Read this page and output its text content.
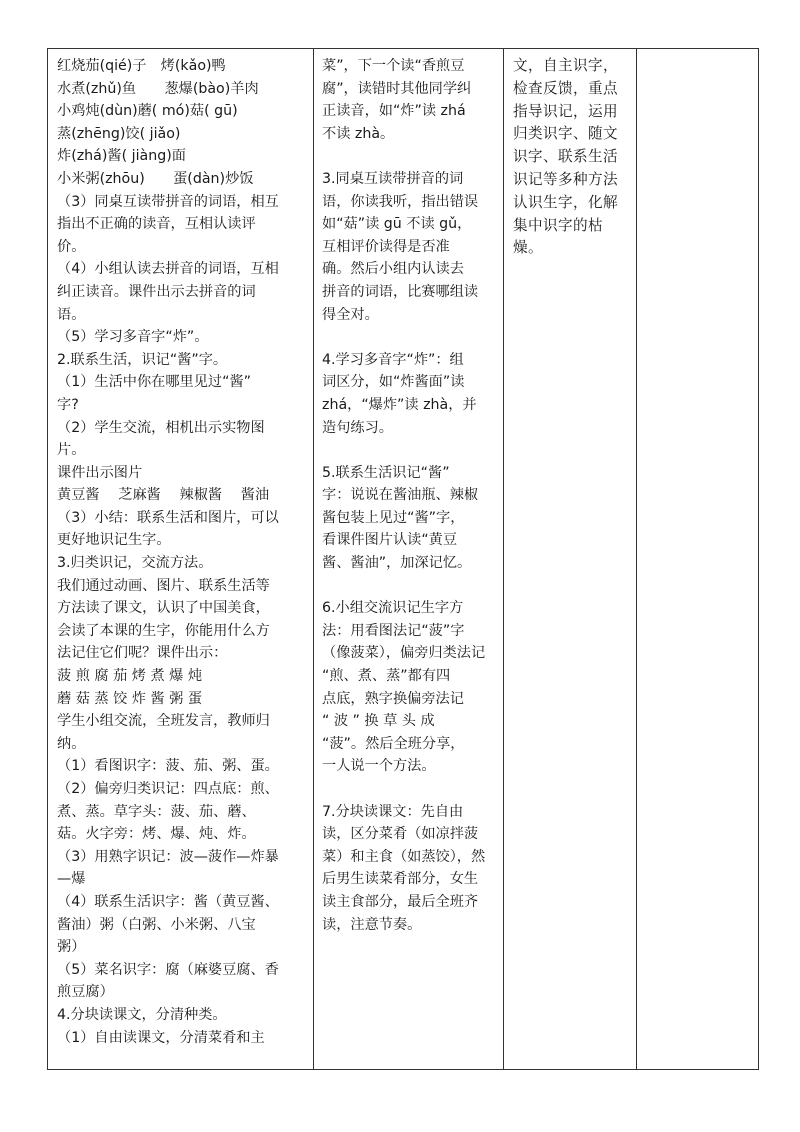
红烧茄(qié)子　烤(kǎo)鸭
水煮(zhǔ)鱼　　葱爆(bào)羊肉
小鸡炖(dùn)蘑( mó)菇( gū)
蒸(zhēng)饺( jiǎo)
炸(zhá)酱( jiàng)面
小米粥(zhōu)　　蛋(dàn)炒饭
（3）同桌互读带拼音的词语，相互
指出不正确的读音，互相认读评
价。
（4）小组认读去拼音的词语，互相
纠正读音。课件出示去拼音的词
语。
（5）学习多音字“炸”。
2.联系生活，识记“酱”字。
（1）生活中你在哪里见过“酱”
字?
（2）学生交流，相机出示实物图
片。
课件出示图片
黄豆酱　 芝麻酱　 辣椒酱　 酱油
（3）小结：联系生活和图片，可以
更好地识记生字。
3.归类识记，交流方法。
我们通过动画、图片、联系生活等
方法读了课文，认识了中国美食，
会读了本课的生字，你能用什么方
法记住它们呢？课件出示：
菠 煎 腐 茄 烤 煮 爆 炖
蘑 菇 蒸 饺 炸 酱 粥 蛋
学生小组交流，全班发言，教师归
纳。
（1）看图识字：菠、茄、粥、蛋。
（2）偏旁归类识记：四点底：煎、
煮、蒸。草字头：菠、茄、蘑、
菇。火字旁：烤、爆、炖、炸。
（3）用熟字识记：波—菠作—炸暴
—爆
（4）联系生活识字：酱（黄豆酱、
酱油）粥（白粥、小米粥、八宝
粥）
（5）菜名识字：腐（麻婆豆腐、香
煎豆腐）
4.分块读课文，分清种类。
（1）自由读课文，分清菜肴和主

菜”，下一个读“香煎豆
腐”，读错时其他同学纠
正读音，如“炸”读 zhá
不读 zhà。
3.同桌互读带拼音的词
语，你读我听，指出错误
如“菇”读 gū 不读 gǔ，
互相评价读得是否准
确。然后小组内认读去
拼音的词语，比赛哪组读
得全对。
4.学习多音字“炸”：组
词区分，如“炸酱面”读
zhá，“爆炸”读 zhà，并
造句练习。
5.联系生活识记“酱”
字：说说在酱油瓶、辣椒
酱包装上见过“酱”字，
看课件图片认读“黄豆
酱、酱油”，加深记忆。
6.小组交流识记生字方
法：用看图法记“菠”字
（像菠菜），偏旁归类法记
“煎、煮、蒸”都有四
点底，熟字换偏旁法记
“ 波 ” 换 草 头 成
“菠”。然后全班分享，
一人说一个方法。
7.分块读课文：先自由
读，区分菜肴（如凉拌菠
菜）和主食（如蒸饺），然
后男生读菜肴部分，女生
读主食部分，最后全班齐
读，注意节奏。

文，自主识字，
检查反馈，重点
指导识记，运用
归类识字、随文
识字、联系生活
识记等多种方法
认识生字，化解
集中识字的枯
燥。
